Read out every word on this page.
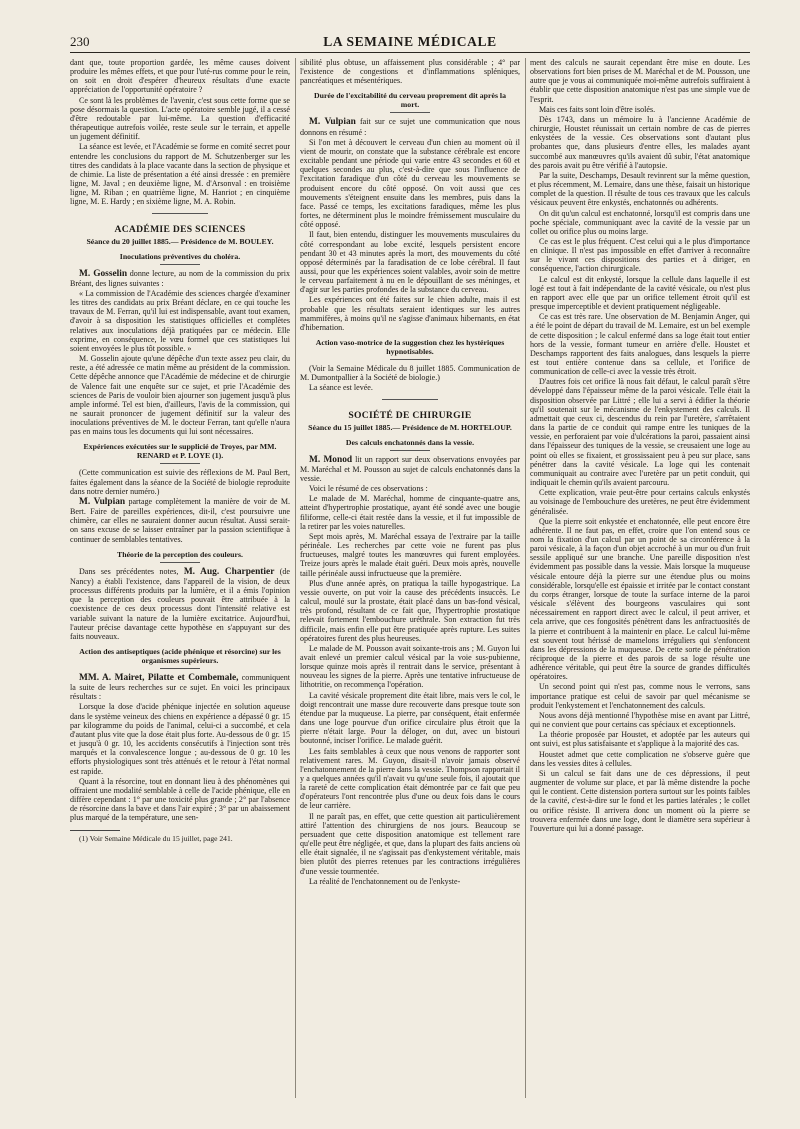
230	LA SEMAINE MÉDICALE

dant que, toute proportion gardée, les même causes doivent produire les mêmes effets, et que pour l'uté-rus comme pour le rein, on soit en droit d'espérer d'heureux résultats d'une exacte appréciation de l'opportunité opératoire ?

Ce sont là les problèmes de l'avenir, c'est sous cette forme que se pose désormais la question. L'acte opératoire semble jugé, il a cessé d'être redoutable par lui-même. La question d'efficacité thérapeutique autrefois voilée, reste seule sur le terrain, et appelle un jugement définitif.

La séance est levée, et l'Académie se forme en comité secret pour entendre les conclusions du rapport de M. Schutzenberger sur les titres des candidats à la place vacante dans la section de physique et de chimie. La liste de présentation a été ainsi dressée : en première ligne, M. Javal ; en deuxième ligne, M. d'Arsonval : en troisième ligne, M. Riban ; en quatrième ligne, M. Hanriot ; en cinquième ligne, M. E. Hardy ; en sixième ligne, M. A. Robin.

ACADÉMIE DES SCIENCES
Séance du 20 juillet 1885.— Présidence de M. BOULEY.
Inoculations préventives du choléra.

M. Gosselin donne lecture, au nom de la commission du prix Bréant, des lignes suivantes :

« La commission de l'Académie des sciences chargée d'examiner les titres des candidats au prix Bréant déclare, en ce qui touche les travaux de M. Ferran, qu'il lui est indispensable, avant tout examen, d'avoir à sa disposition les statistiques officielles et complètes relatives aux inoculations déjà pratiquées par ce médecin. Elle exprime, en conséquence, le vœu formel que ces statistiques lui soient envoyées le plus tôt possible. »

M. Gosselin ajoute qu'une dépêche d'un texte assez peu clair, du reste, a été adressée ce matin même au président de la commission. Cette dépêche annonce que l'Académie de médecine et de chirurgie de Valence fait une enquête sur ce sujet, et prie l'Académie des sciences de Paris de vouloir bien ajourner son jugement jusqu'à plus ample informé. Tel est bien, d'ailleurs, l'avis de la commission, qui ne saurait prononcer de jugement définitif sur la valeur des inoculations préventives de M. le docteur Ferran, tant qu'elle n'aura pas en mains tous les documents qui lui sont nécessaires.

Expériences exécutées sur le supplicié de Troyes, par MM. RENARD et P. LOYE (1).

(Cette communication est suivie des réflexions de M. Paul Bert, faites également dans la séance de la Société de biologie reproduite dans notre dernier numéro.)

M. Vulpian partage complètement la manière de voir de M. Bert. Faire de pareilles expériences, dit-il, c'est poursuivre une chimère, car elles ne sauraient donner aucun résultat. Aussi serait-on sans excuse de se laisser entraîner par la passion scientifique à continuer de semblables tentatives.

Théorie de la perception des couleurs.

Dans ses précédentes notes, M. Aug. Charpentier (de Nancy) a établi l'existence, dans l'appareil de la vision, de deux processus différents produits par la lumière, et il a émis l'opinion que la perception des couleurs pouvait être attribuée à la coexistence de ces deux processus dont l'intensité relative est variable suivant la nature de la lumière excitatrice. Aujourd'hui, l'auteur précise davantage cette hypothèse en s'appuyant sur des faits nouveaux.

Action des antiseptiques (acide phénique et résorcine) sur les organismes supérieurs.

MM. A. Mairet, Pilatte et Combemale, communiquent la suite de leurs recherches sur ce sujet. En voici les principaux résultats :

Lorsque la dose d'acide phénique injectée en solution aqueuse dans le système veineux des chiens en expérience a dépassé 0 gr. 15 par kilogramme du poids de l'animal, celui-ci a succombé, et cela d'autant plus vite que la dose était plus forte. Au-dessous de 0 gr. 15 et jusqu'à 0 gr. 10, les accidents consécutifs à l'injection sont très marqués et la convalescence longue ; au-dessous de 0 gr. 10 les efforts physiologiques sont très atténués et le retour à l'état normal est rapide.

Quant à la résorcine, tout en donnant lieu à des phénomènes qui offraient une modalité semblable à celle de l'acide phénique, elle en diffère cependant : 1° par une toxicité plus grande ; 2° par l'absence de résorcine dans la bave et dans l'air expiré ; 3° par un abaissement plus marqué de la température, une sen-

(1) Voir Semaine Médicale du 15 juillet, page 241.

sibilité plus obtuse, un affaissement plus considérable ; 4° par l'existence de congestions et d'inflammations spléniques, pancréatiques et mésentériques.

Durée de l'excitabilité du cerveau proprement dit après la mort.

M. Vulpian fait sur ce sujet une communication que nous donnons en résumé :

Si l'on met à découvert le cerveau d'un chien au moment où il vient de mourir, on constate que la substance cérébrale est encore excitable pendant une période qui varie entre 43 secondes et 60 et quelques secondes au plus, c'est-à-dire que sous l'influence de l'excitation faradique d'un côté du cerveau les mouvements se produisent encore du côté opposé. On voit aussi que ces mouvements s'éteignent ensuite dans les membres, puis dans la face. Passé ce temps, les excitations faradiques, même les plus fortes, ne déterminent plus le moindre frémissement musculaire du côté opposé.

Il faut, bien entendu, distinguer les mouvements musculaires du côté correspondant au lobe excité, lesquels persistent encore pendant 30 et 43 minutes après la mort, des mouvements du côté opposé déterminés par la faradisation de ce lobe cérébral. Il faut aussi, pour que les expériences soient valables, avoir soin de mettre le cerveau parfaitement à nu en le dépouillant de ses méninges, et d'agir sur les parties profondes de la substance du cerveau.

Les expériences ont été faites sur le chien adulte, mais il est probable que les résultats seraient identiques sur les autres mammifères, à moins qu'il ne s'agisse d'animaux hibernants, en état d'hibernation.

Action vaso-motrice de la suggestion chez les hystériques hypnotisables.

(Voir la Semaine Médicale du 8 juillet 1885. Communication de M. Dumontpallier à la Société de biologie.)

La séance est levée.

SOCIÉTÉ DE CHIRURGIE
Séance du 15 juillet 1885.— Présidence de M. HORTELOUP.
Des calculs enchatonnés dans la vessie.

M. Monod lit un rapport sur deux observations envoyées par M. Maréchal et M. Pousson au sujet de calculs enchatonnés dans la vessie.

Voici le résumé de ces observations :

Le malade de M. Maréchal, homme de cinquante-quatre ans, atteint d'hypertrophie prostatique, ayant été sondé avec une bougie filiforme, celle-ci était restée dans la vessie, et il fut impossible de la retirer par les voies naturelles.

Sept mois après, M. Maréchal essaya de l'extraire par la taille périnéale. Les recherches par cette voie ne furent pas plus fructueuses, malgré toutes les manœuvres qui furent employées. Treize jours après le malade était guéri. Deux mois après, nouvelle taille périnéale aussi infructueuse que la première.

Plus d'une année après, on pratiqua la taille hypogastrique. La vessie ouverte, on put voir la cause des précédents insuccès. Le calcul, moulé sur la prostate, était placé dans un bas-fond vésical, très profond, résultant de ce fait que, l'hypertrophie prostatique relevait fortement l'embouchure uréthrale. Son extraction fut très difficile, mais enfin elle put être pratiquée après rupture. Les suites opératoires furent des plus heureuses.

Le malade de M. Pousson avait soixante-trois ans ; M. Guyon lui avait enlevé un premier calcul vésical par la voie sus-pubienne, lorsque quinze mois après il rentrait dans le service, présentant à nouveau les signes de la pierre. Après une tentative infructueuse de lithotritie, on recommença l'opération.

La cavité vésicale proprement dite était libre, mais vers le col, le doigt rencontrait une masse dure recouverte dans presque toute son étendue par la muqueuse. La pierre, par conséquent, était enfermée dans une loge pourvue d'un orifice circulaire plus étroit que la pierre n'était large. Pour la déloger, on dut, avec un bistouri boutonné, inciser l'orifice. Le malade guérit.

Les faits semblables à ceux que nous venons de rapporter sont relativement rares. M. Guyon, disait-il n'avoir jamais observé l'enchatonnement de la pierre dans la vessie. Thompson rapportait il y a quelques années qu'il n'avait vu qu'une seule fois, il ajoutait que la rareté de cette complication était démontrée par ce fait que peu d'opérateurs l'ont rencontrée plus d'une ou deux fois dans le cours de leur carrière.

Il ne paraît pas, en effet, que cette question ait particulièrement attiré l'attention des chirurgiens de nos jours. Beaucoup se persuadent que cette disposition anatomique est tellement rare qu'elle peut être négligée, et que, dans la plupart des faits anciens où elle était signalée, il ne s'agissait pas d'enkystement véritable, mais bien plutôt des pierres retenues par les contractions irrégulières d'une vessie tourmentée.

La réalité de l'enchatonnement ou de l'enkyste-

ment des calculs ne saurait cependant être mise en doute. Les observations fort bien prises de M. Maréchal et de M. Pousson, une autre que je vous ai communiquée moi-même autrefois suffiraient à établir que cette disposition anatomique n'est pas une simple vue de l'esprit.

Mais ces faits sont loin d'être isolés.

Dès 1743, dans un mémoire lu à l'ancienne Académie de chirurgie, Houstet réunissait un certain nombre de cas de pierres enkystées de la vessie. Ces observations sont d'autant plus probantes que, dans plusieurs d'entre elles, les malades ayant succombé aux manœuvres qu'ils avaient dû subir, l'état anatomique des parois avait pu être vérifié à l'autopsie.

Par la suite, Deschamps, Desault revinrent sur la même question, et plus récemment, M. Lemaire, dans une thèse, faisait un historique complet de la question. Il résulte de tous ces travaux que les calculs vésicaux peuvent être enkystés, enchatonnés ou adhérents.

On dit qu'un calcul est enchatonné, lorsqu'il est compris dans une poche spéciale, communiquant avec la cavité de la vessie par un collet ou orifice plus ou moins large.

Ce cas est le plus fréquent. C'est celui qui a le plus d'importance en clinique. Il n'est pas impossible en effet d'arriver à reconnaître sur le vivant ces dispositions des parties et à diriger, en conséquence, l'action chirurgicale.

Le calcul est dit enkysté, lorsque la cellule dans laquelle il est logé est tout à fait indépendante de la cavité vésicale, ou n'est plus en rapport avec elle que par un orifice tellement étroit qu'il est presque imperceptible et devient pratiquement négligeable.

Ce cas est très rare. Une observation de M. Benjamin Anger, qui a été le point de départ du travail de M. Lemaire, est un bel exemple de cette disposition ; le calcul enfermé dans sa loge était tout entier hors de la vessie, formant tumeur en arrière d'elle. Houstet et Deschamps rapportent des faits analogues, dans lesquels la pierre est tout entière contenue dans sa cellule, et l'orifice de communication de celle-ci avec la vessie très étroit.

D'autres fois cet orifice là nous fait défaut, le calcul paraît s'être développé dans l'épaisseur même de la paroi vésicale. Telle était la disposition observée par Littré ; elle lui a servi à édifier la théorie qu'il soutenait sur le mécanisme de l'enkystement des calculs. Il admettait que ceux ci, descendus du rein par l'uretère, s'arrêtaient dans la partie de ce conduit qui rampe entre les tuniques de la vessie, en perforaient par voie d'ulcérations la paroi, passaient ainsi dans l'épaisseur des tuniques de la vessie, se creusaient une loge au point où elles se fixaient, et grossissaient peu à peu sur place, sans pénétrer dans la cavité vésicale. La loge qui les contenait communiquait au contraire avec l'uretère par un petit conduit, qui indiquait le chemin qu'ils avaient parcouru.

Cette explication, vraie peut-être pour certains calculs enkystés au voisinage de l'embouchure des uretères, ne peut être évidemment généralisée.

Que la pierre soit enkystée et enchatonnée, elle peut encore être adhérente. Il ne faut pas, en effet, croire que l'on entend sous ce nom la fixation d'un calcul par un point de sa circonférence à la paroi vésicale, à la façon d'un objet accroché à un mur ou d'un fruit sessile appliqué sur une branche. Une pareille disposition n'est évidemment pas possible dans la vessie. Mais lorsque la muqueuse vésicale entoure déjà la pierre sur une étendue plus ou moins considérable, lorsqu'elle est épaissie et irritée par le contact constant du corps étranger, lorsque de toute la surface interne de la paroi vésicale s'élèvent des bourgeons vasculaires qui sont nécessairement en rapport direct avec le calcul, il peut arriver, et cela arrive, que ces fongosités pénètrent dans les anfractuosités de la pierre et contribuent à la maintenir en place. Le calcul lui-même est souvent tout hérissé de mamelons irréguliers qui s'enfoncent dans les dépressions de la muqueuse. De cette sorte de pénétration réciproque de la pierre et des parois de sa loge résulte une adhérence véritable, qui peut être la source de grandes difficultés opératoires.

Un second point qui n'est pas, comme nous le verrons, sans importance pratique est celui de savoir par quel mécanisme se produit l'enkystement et l'enchatonnement des calculs.

Nous avons déjà mentionné l'hypothèse mise en avant par Littré, qui ne convient que pour certains cas spéciaux et exceptionnels.

La théorie proposée par Houstet, et adoptée par les auteurs qui ont suivi, est plus satisfaisante et s'applique à la majorité des cas.

Houstet admet que cette complication ne s'observe guère que dans les vessies dites à cellules.

Si un calcul se fait dans une de ces dépressions, il peut augmenter de volume sur place, et par là même distendre la poche qui le contient. Cette distension portera surtout sur les points faibles de la cavité, c'est-à-dire sur le fond et les parties latérales ; le collet ou orifice résiste. Il arrivera donc un moment où la pierre se trouvera enfermée dans une loge, dont le diamètre sera supérieur à l'ouverture qui lui a donné passage.
